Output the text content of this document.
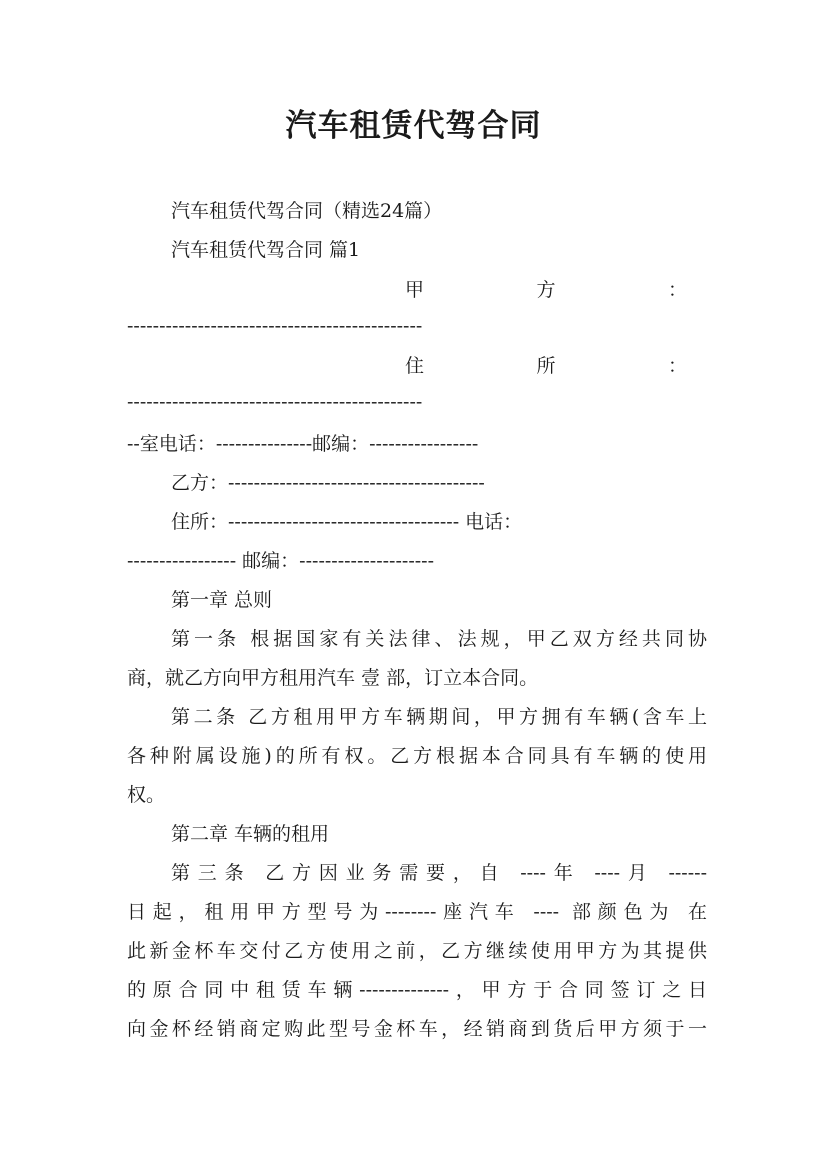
汽车租赁代驾合同
汽车租赁代驾合同（精选24篇）
汽车租赁代驾合同 篇1
甲	方	：
----------------------------------------------
住	所	：
----------------------------------------------
--室电话：---------------邮编：-----------------
乙方：----------------------------------------
住所：------------------------------------ 电话：
----------------- 邮编：---------------------
第一章 总则
第一条 根据国家有关法律、法规，甲乙双方经共同协
商，就乙方向甲方租用汽车 壹 部，订立本合同。
第二条 乙方租用甲方车辆期间，甲方拥有车辆(含车上
各种附属设施)的所有权。乙方根据本合同具有车辆的使用
权。
第二章 车辆的租用
第三条 乙方因业务需要，自 ----年 ----月 ------
日起，租用甲方型号为--------座汽车 ---- 部颜色为 在
此新金杯车交付乙方使用之前，乙方继续使用甲方为其提供
的原合同中租赁车辆--------------，甲方于合同签订之日
向金杯经销商定购此型号金杯车，经销商到货后甲方须于一
